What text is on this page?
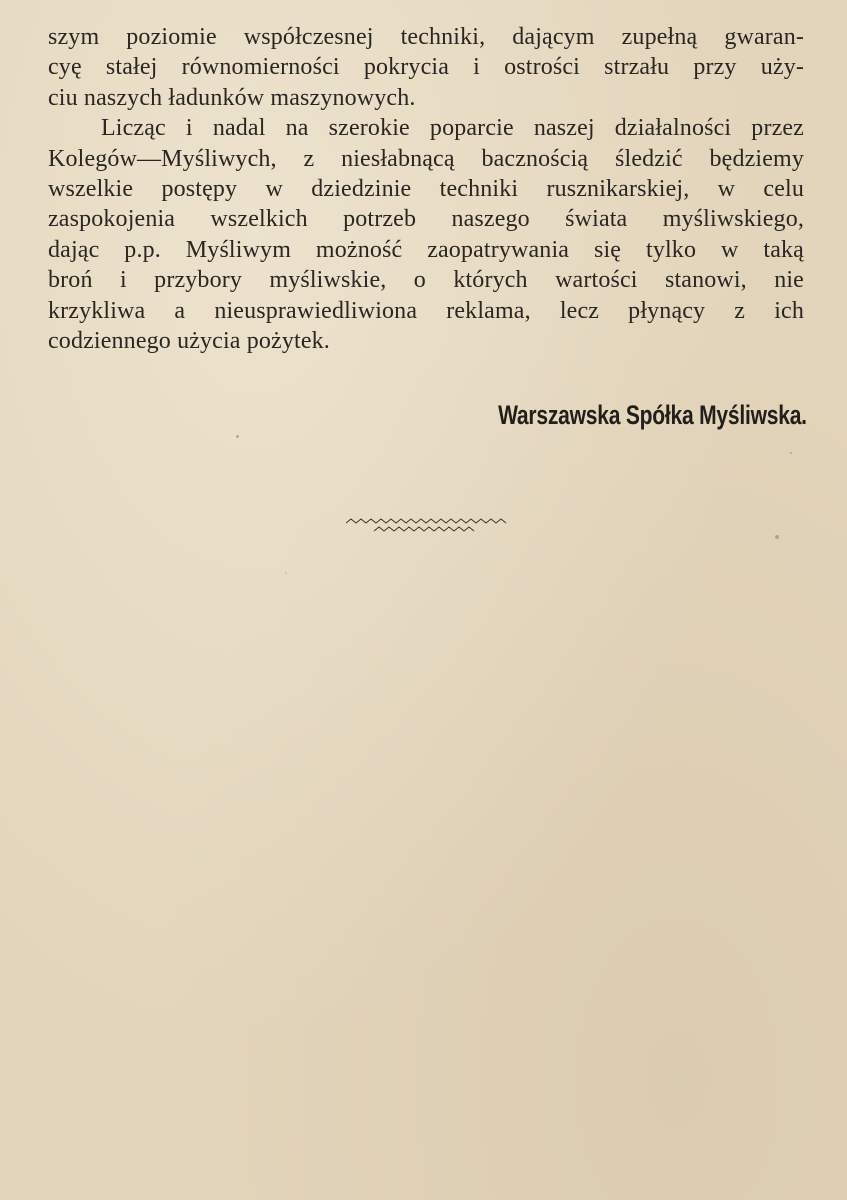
szym poziomie współczesnej techniki, dającym zupełną gwaran-
cyę stałej równomierności pokrycia i ostrości strzału przy uży-
ciu naszych ładunków maszynowych.
Licząc i nadal na szerokie poparcie naszej działalności przez
Kolegów—Myśliwych, z niesłabnącą bacznością śledzić będziemy
wszelkie postępy w dziedzinie techniki rusznikarskiej, w celu
zaspokojenia wszelkich potrzeb naszego świata myśliwskiego,
dając p.p. Myśliwym możność zaopatrywania się tylko w taką
broń i przybory myśliwskie, o których wartości stanowi, nie
krzykliwa a nieusprawiedliwiona reklama, lecz płynący z ich
codziennego użycia pożytek.
Warszawska Spółka Myśliwska.
